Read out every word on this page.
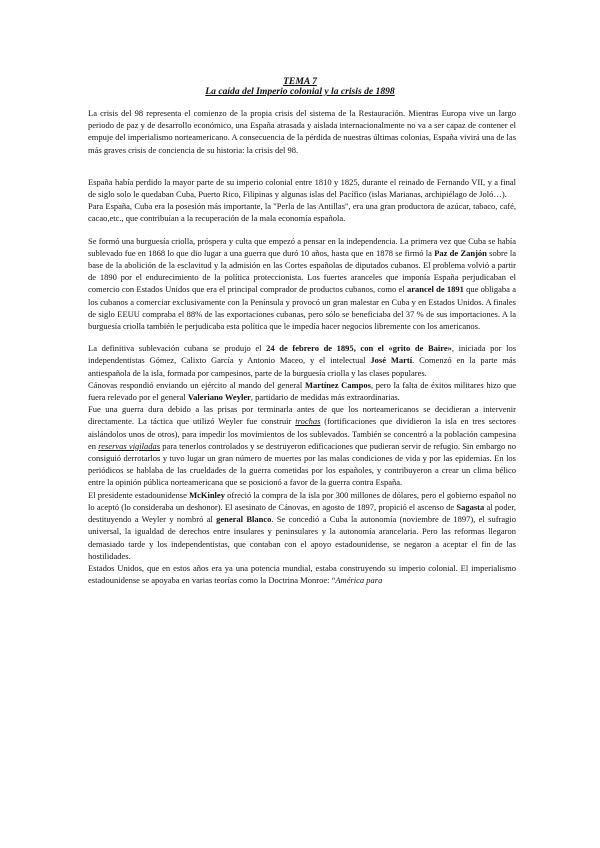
TEMA 7
La caída del Imperio colonial y la crisis de 1898

La crisis del 98 representa el comienzo de la propia crisis del sistema de la Restauración. Mientras Europa vive un largo periodo de paz y de desarrollo económico, una España atrasada y aislada internacionalmente no va a ser capaz de contener el empuje del imperialismo norteamericano. A consecuencia de la pérdida de nuestras últimas colonias, España vivirá una de las más graves crisis de conciencia de su historia: la crisis del 98.

España había perdido la mayor parte de su imperio colonial entre 1810 y 1825, durante el reinado de Fernando VII, y a final de siglo solo le quedaban Cuba, Puerto Rico, Filipinas y algunas islas del Pacífico (islas Marianas, archipiélago de Joló…).

Para España, Cuba era la posesión más importante, la "Perla de las Antillas", era una gran productora de azúcar, tabaco, café, cacao,etc., que contribuían a la recuperación de la mala economía española.

Se formó una burguesía criolla, próspera y culta que empezó a pensar en la independencia. La primera vez que Cuba se había sublevado fue en 1868 lo que dio lugar a una guerra que duró 10 años, hasta que en 1878 se firmó la Paz de Zanjón sobre la base de la abolición de la esclavitud y la admisión en las Cortes españolas de diputados cubanos. El problema volvió a partir de 1890 por el endurecimiento de la política proteccionista. Los fuertes aranceles que imponía España perjudicaban el comercio con Estados Unidos que era el principal comprador de productos cubanos, como el arancel de 1891 que obligaba a los cubanos a comerciar exclusivamente con la Península y provocó un gran malestar en Cuba y en Estados Unidos. A finales de siglo EEUU compraba el 88% de las exportaciones cubanas, pero sólo se beneficiaba del 37 % de sus importaciones. A la burguesía criolla también le perjudicaba esta política que le impedía hacer negocios libremente con los americanos.

La definitiva sublevación cubana se produjo el 24 de febrero de 1895, con el «grito de Baire», iniciada por los independentistas Gómez, Calixto García y Antonio Maceo, y el intelectual José Martí. Comenzó en la parte más antiespañola de la isla, formada por campesinos, parte de la burguesía criolla y las clases populares.

Cánovas respondió enviando un ejército al mando del general Martínez Campos, pero la falta de éxitos militares hizo que fuera relevado por el general Valeriano Weyler, partidario de medidas más extraordinarias.

Fue una guerra dura debido a las prisas por terminarla antes de que los norteamericanos se decidieran a intervenir directamente. La táctica que utilizó Weyler fue construir trochas (fortificaciones que dividieron la isla en tres sectores aislándolos unos de otros), para impedir los movimientos de los sublevados. También se concentró a la población campesina en reservas vigiladas para tenerlos controlados y se destruyeron edificaciones que pudieran servir de refugio. Sin embargo no consiguió derrotarlos y tuvo lugar un gran número de muertes por las malas condiciones de vida y por las epidemias. En los periódicos se hablaba de las crueldades de la guerra cometidas por los españoles, y contribuyeron a crear un clima bélico entre la opinión pública norteamericana que se posicionó a favor de la guerra contra España.

El presidente estadounidense McKinley ofreció la compra de la isla por 300 millones de dólares, pero el gobierno español no lo aceptó (lo consideraba un deshonor). El asesinato de Cánovas, en agosto de 1897, propició el ascenso de Sagasta al poder, destituyendo a Weyler y nombró al general Blanco. Se concedió a Cuba la autonomía (noviembre de 1897), el sufragio universal, la igualdad de derechos entre insulares y peninsulares y la autonomía arancelaria. Pero las reformas llegaron demasiado tarde y los independentistas, que contaban con el apoyo estadounidense, se negaron a aceptar el fin de las hostilidades.

Estados Unidos, que en estos años era ya una potencia mundial, estaba construyendo su imperio colonial. El imperialismo estadounidense se apoyaba en varias teorías como la Doctrina Monroe: “América para
